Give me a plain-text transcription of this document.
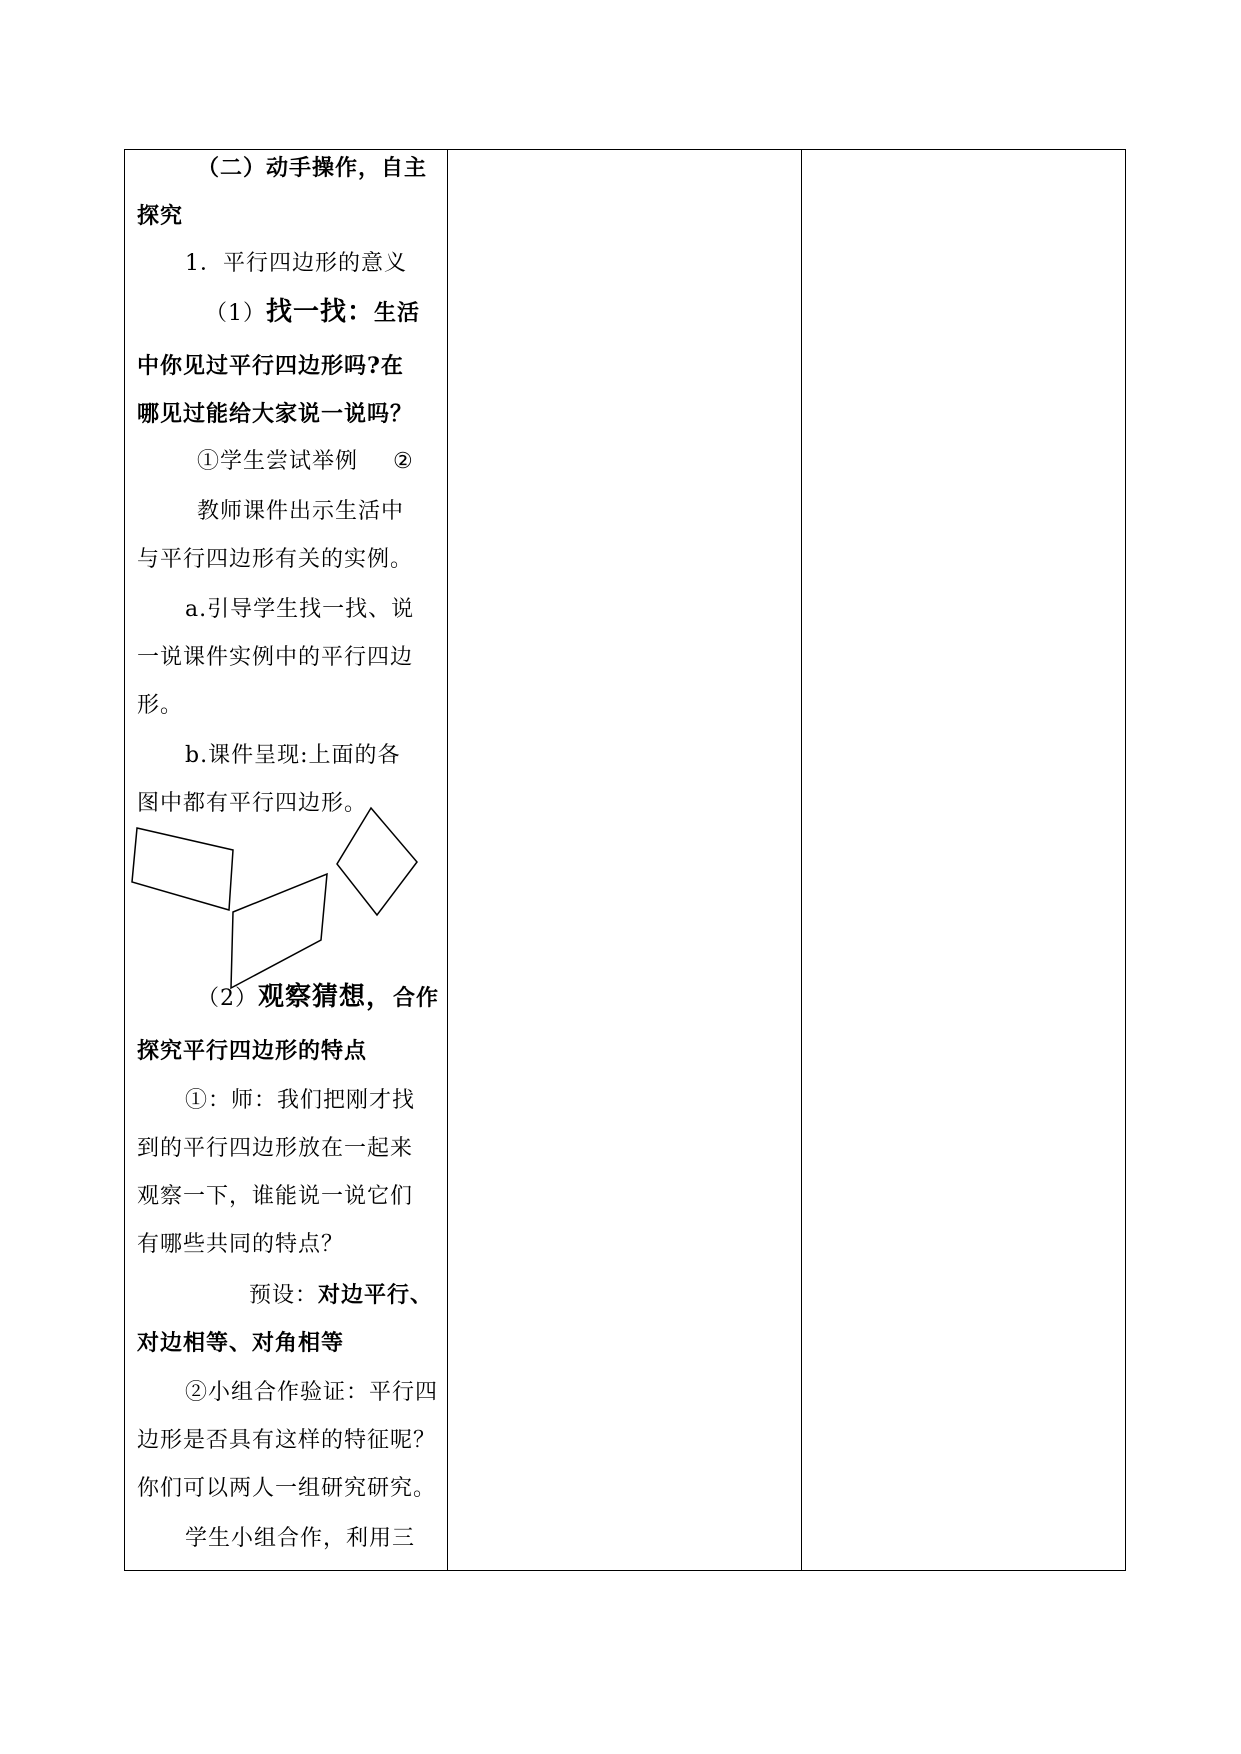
（二）动手操作，自主
探究
1．平行四边形的意义
（1）找一找：生活
中你见过平行四边形吗?在
哪见过能给大家说一说吗？
①学生尝试举例 ②
教师课件出示生活中
与平行四边形有关的实例。
a.引导学生找一找、说
一说课件实例中的平行四边
形。
b.课件呈现:上面的各
图中都有平行四边形。
（2）观察猜想，合作
探究平行四边形的特点
①：师：我们把刚才找
到的平行四边形放在一起来
观察一下，谁能说一说它们
有哪些共同的特点？
预设：对边平行、
对边相等、对角相等
②小组合作验证：平行四
边形是否具有这样的特征呢？
你们可以两人一组研究研究。
学生小组合作，利用三
